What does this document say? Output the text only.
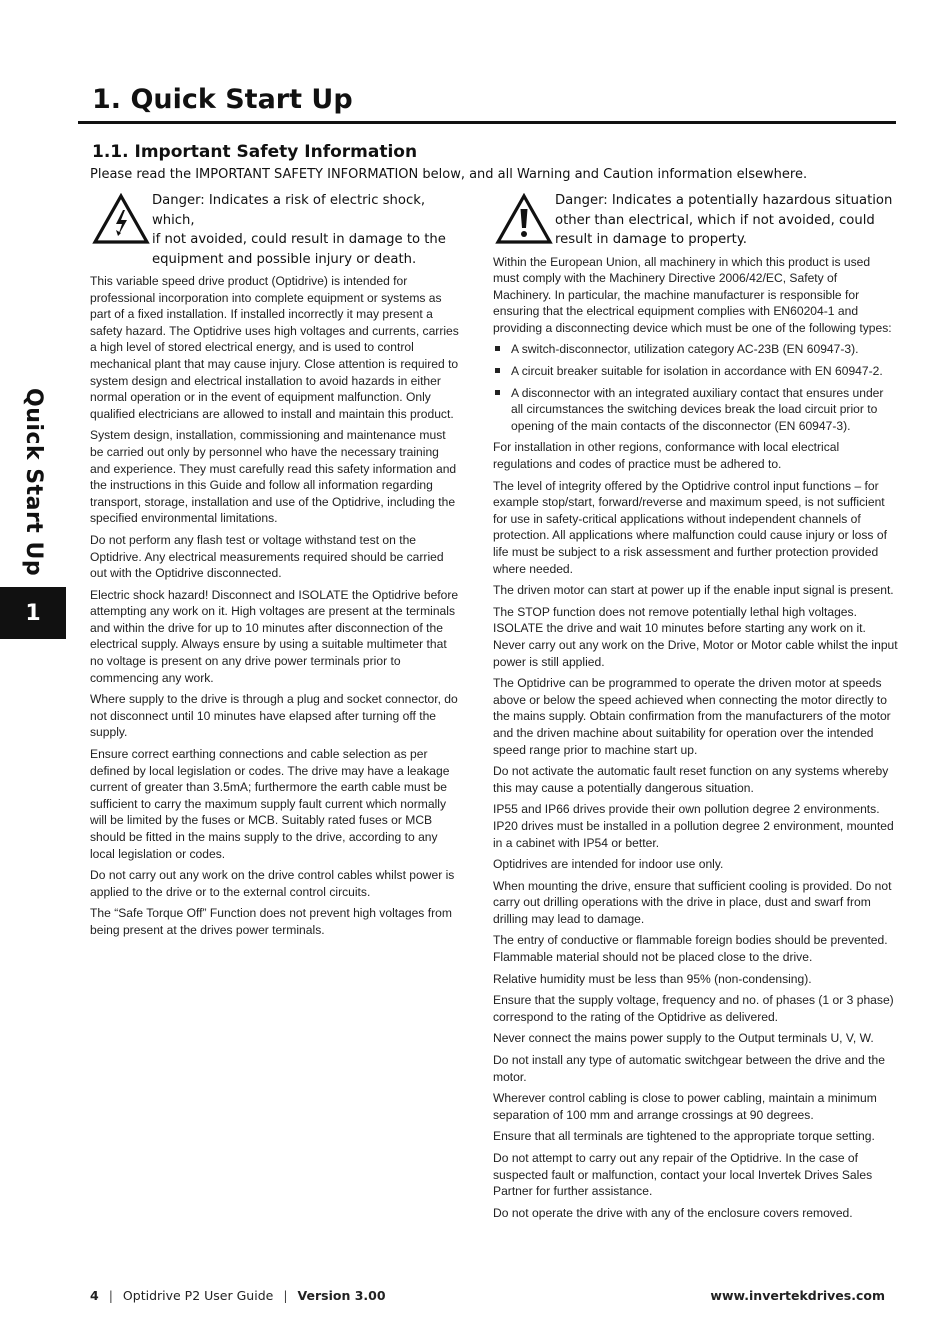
1. Quick Start Up
1.1. Important Safety Information
Please read the IMPORTANT SAFETY INFORMATION below, and all Warning and Caution information elsewhere.
Quick Start Up
1
Danger: Indicates a risk of electric shock, which,
if not avoided, could result in damage to the
equipment and possible injury or death.

This variable speed drive product (Optidrive) is intended for professional incorporation into complete equipment or systems as part of a fixed installation. If installed incorrectly it may present a safety hazard. The Optidrive uses high voltages and currents, carries a high level of stored electrical energy, and is used to control mechanical plant that may cause injury. Close attention is required to system design and electrical installation to avoid hazards in either normal operation or in the event of equipment malfunction. Only qualified electricians are allowed to install and maintain this product.

System design, installation, commissioning and maintenance must be carried out only by personnel who have the necessary training and experience. They must carefully read this safety information and the instructions in this Guide and follow all information regarding transport, storage, installation and use of the Optidrive, including the specified environmental limitations.

Do not perform any flash test or voltage withstand test on the Optidrive. Any electrical measurements required should be carried out with the Optidrive disconnected.

Electric shock hazard! Disconnect and ISOLATE the Optidrive before attempting any work on it. High voltages are present at the terminals and within the drive for up to 10 minutes after disconnection of the electrical supply. Always ensure by using a suitable multimeter that no voltage is present on any drive power terminals prior to commencing any work.

Where supply to the drive is through a plug and socket connector, do not disconnect until 10 minutes have elapsed after turning off the supply.

Ensure correct earthing connections and cable selection as per defined by local legislation or codes. The drive may have a leakage current of greater than 3.5mA; furthermore the earth cable must be sufficient to carry the maximum supply fault current which normally will be limited by the fuses or MCB. Suitably rated fuses or MCB should be fitted in the mains supply to the drive, according to any local legislation or codes.

Do not carry out any work on the drive control cables whilst power is applied to the drive or to the external control circuits.

The “Safe Torque Off” Function does not prevent high voltages from being present at the drives power terminals.

Danger: Indicates a potentially hazardous situation
other than electrical, which if not avoided, could
result in damage to property.

Within the European Union, all machinery in which this product is used must comply with the Machinery Directive 2006/42/EC, Safety of Machinery. In particular, the machine manufacturer is responsible for ensuring that the electrical equipment complies with EN60204-1 and providing a disconnecting device which must be one of the following types:

A switch-disconnector, utilization category AC-23B (EN 60947-3).
A circuit breaker suitable for isolation in accordance with EN 60947-2.
A disconnector with an integrated auxiliary contact that ensures under all circumstances the switching devices break the load circuit prior to opening of the main contacts of the disconnector (EN 60947-3).

For installation in other regions, conformance with local electrical regulations and codes of practice must be adhered to.

The level of integrity offered by the Optidrive control input functions – for example stop/start, forward/reverse and maximum speed, is not sufficient for use in safety-critical applications without independent channels of protection. All applications where malfunction could cause injury or loss of life must be subject to a risk assessment and further protection provided where needed.

The driven motor can start at power up if the enable input signal is present.

The STOP function does not remove potentially lethal high voltages. ISOLATE the drive and wait 10 minutes before starting any work on it. Never carry out any work on the Drive, Motor or Motor cable whilst the input power is still applied.

The Optidrive can be programmed to operate the driven motor at speeds above or below the speed achieved when connecting the motor directly to the mains supply. Obtain confirmation from the manufacturers of the motor and the driven machine about suitability for operation over the intended speed range prior to machine start up.

Do not activate the automatic fault reset function on any systems whereby this may cause a potentially dangerous situation.

IP55 and IP66 drives provide their own pollution degree 2 environments. IP20 drives must be installed in a pollution degree 2 environment, mounted in a cabinet with IP54 or better.

Optidrives are intended for indoor use only.

When mounting the drive, ensure that sufficient cooling is provided. Do not carry out drilling operations with the drive in place, dust and swarf from drilling may lead to damage.

The entry of conductive or flammable foreign bodies should be prevented. Flammable material should not be placed close to the drive.

Relative humidity must be less than 95% (non-condensing).

Ensure that the supply voltage, frequency and no. of phases (1 or 3 phase) correspond to the rating of the Optidrive as delivered.

Never connect the mains power supply to the Output terminals U, V, W.

Do not install any type of automatic switchgear between the drive and the motor.

Wherever control cabling is close to power cabling, maintain a minimum separation of 100 mm and arrange crossings at 90 degrees.

Ensure that all terminals are tightened to the appropriate torque setting.

Do not attempt to carry out any repair of the Optidrive. In the case of suspected fault or malfunction, contact your local Invertek Drives Sales Partner for further assistance.

Do not operate the drive with any of the enclosure covers removed.

4 | Optidrive P2 User Guide | Version 3.00	www.invertekdrives.com
